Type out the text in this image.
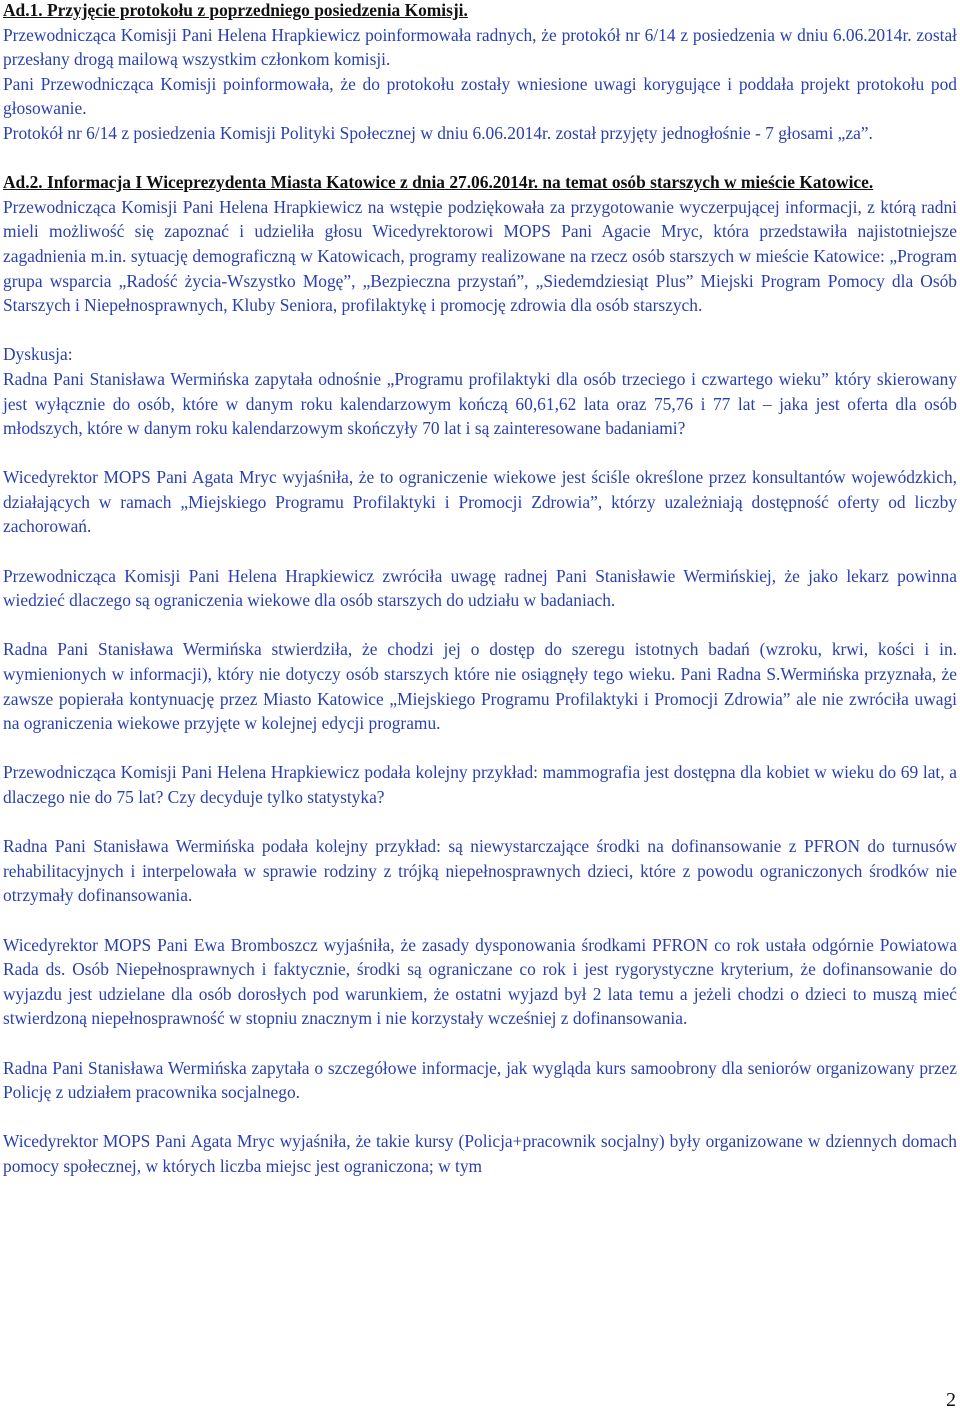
Ad.1. Przyjęcie protokołu z poprzedniego posiedzenia Komisji.

Przewodnicząca Komisji Pani Helena Hrapkiewicz poinformowała radnych, że protokół nr 6/14 z posiedzenia w dniu 6.06.2014r. został przesłany drogą mailową wszystkim członkom komisji.

Pani Przewodnicząca Komisji poinformowała, że do protokołu zostały wniesione uwagi korygujące i poddała projekt protokołu pod głosowanie.

Protokół nr 6/14 z posiedzenia Komisji Polityki Społecznej w dniu 6.06.2014r. został przyjęty jednogłośnie - 7 głosami „za”.

Ad.2. Informacja I Wiceprezydenta Miasta Katowice z dnia 27.06.2014r. na temat osób starszych w mieście Katowice.

Przewodnicząca Komisji Pani Helena Hrapkiewicz na wstępie podziękowała za przygotowanie wyczerpującej informacji, z którą radni mieli możliwość się zapoznać i udzieliła głosu Wicedyrektorowi MOPS Pani Agacie Mryc, która przedstawiła najistotniejsze zagadnienia m.in. sytuację demograficzną w Katowicach, programy realizowane na rzecz osób starszych w mieście Katowice: „Program grupa wsparcia „Radość życia-Wszystko Mogę”, „Bezpieczna przystań”, „Siedemdziesiąt Plus” Miejski Program Pomocy dla Osób Starszych i Niepełnosprawnych, Kluby Seniora, profilaktykę i promocję zdrowia dla osób starszych.

Dyskusja:

Radna Pani Stanisława Wermińska zapytała odnośnie „Programu profilaktyki dla osób trzeciego i czwartego wieku” który skierowany jest wyłącznie do osób, które w danym roku kalendarzowym kończą 60,61,62 lata oraz 75,76 i 77 lat – jaka jest oferta dla osób młodszych, które w danym roku kalendarzowym skończyły 70 lat i są zainteresowane badaniami?

Wicedyrektor MOPS Pani Agata Mryc wyjaśniła, że to ograniczenie wiekowe jest ściśle określone przez konsultantów wojewódzkich, działających w ramach „Miejskiego Programu Profilaktyki i Promocji Zdrowia”, którzy uzależniają dostępność oferty od liczby zachorowań.

Przewodnicząca Komisji Pani Helena Hrapkiewicz zwróciła uwagę radnej Pani Stanisławie Wermińskiej, że jako lekarz powinna wiedzieć dlaczego są ograniczenia wiekowe dla osób starszych do udziału w badaniach.

Radna Pani Stanisława Wermińska stwierdziła, że chodzi jej o dostęp do szeregu istotnych badań (wzroku, krwi, kości i in. wymienionych w informacji), który nie dotyczy osób starszych które nie osiągnęły tego wieku. Pani Radna S.Wermińska przyznała, że zawsze popierała kontynuację przez Miasto Katowice „Miejskiego Programu Profilaktyki i Promocji Zdrowia” ale nie zwróciła uwagi na ograniczenia wiekowe przyjęte w kolejnej edycji programu.

Przewodnicząca Komisji Pani Helena Hrapkiewicz podała kolejny przykład: mammografia jest dostępna dla kobiet w wieku do 69 lat, a dlaczego nie do 75 lat? Czy decyduje tylko statystyka?

Radna Pani Stanisława Wermińska podała kolejny przykład: są niewystarczające środki na dofinansowanie z PFRON do turnusów rehabilitacyjnych i interpelowała w sprawie rodziny z trójką niepełnosprawnych dzieci, które z powodu ograniczonych środków nie otrzymały dofinansowania.

Wicedyrektor MOPS Pani Ewa Bromboszcz wyjaśniła, że zasady dysponowania środkami PFRON co rok ustała odgórnie Powiatowa Rada ds. Osób Niepełnosprawnych i faktycznie, środki są ograniczane co rok i jest rygorystyczne kryterium, że dofinansowanie do wyjazdu jest udzielane dla osób dorosłych pod warunkiem, że ostatni wyjazd był 2 lata temu a jeżeli chodzi o dzieci to muszą mieć stwierdzoną niepełnosprawność w stopniu znacznym i nie korzystały wcześniej z dofinansowania.

Radna Pani Stanisława Wermińska zapytała o szczegółowe informacje, jak wygląda kurs samoobrony dla seniorów organizowany przez Policję z udziałem pracownika socjalnego.

Wicedyrektor MOPS Pani Agata Mryc wyjaśniła, że takie kursy (Policja+pracownik socjalny) były organizowane w dziennych domach pomocy społecznej, w których liczba miejsc jest ograniczona; w tym

2
